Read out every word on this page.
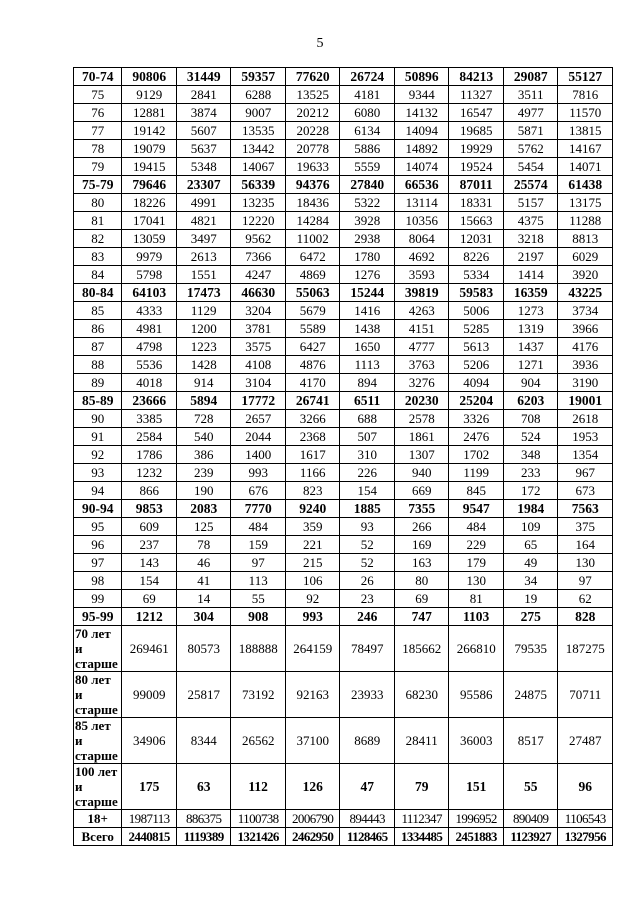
5
70-74	90806	31449	59357	77620	26724	50896	84213	29087	55127
75	9129	2841	6288	13525	4181	9344	11327	3511	7816
76	12881	3874	9007	20212	6080	14132	16547	4977	11570
77	19142	5607	13535	20228	6134	14094	19685	5871	13815
78	19079	5637	13442	20778	5886	14892	19929	5762	14167
79	19415	5348	14067	19633	5559	14074	19524	5454	14071
75-79	79646	23307	56339	94376	27840	66536	87011	25574	61438
80	18226	4991	13235	18436	5322	13114	18331	5157	13175
81	17041	4821	12220	14284	3928	10356	15663	4375	11288
82	13059	3497	9562	11002	2938	8064	12031	3218	8813
83	9979	2613	7366	6472	1780	4692	8226	2197	6029
84	5798	1551	4247	4869	1276	3593	5334	1414	3920
80-84	64103	17473	46630	55063	15244	39819	59583	16359	43225
85	4333	1129	3204	5679	1416	4263	5006	1273	3734
86	4981	1200	3781	5589	1438	4151	5285	1319	3966
87	4798	1223	3575	6427	1650	4777	5613	1437	4176
88	5536	1428	4108	4876	1113	3763	5206	1271	3936
89	4018	914	3104	4170	894	3276	4094	904	3190
85-89	23666	5894	17772	26741	6511	20230	25204	6203	19001
90	3385	728	2657	3266	688	2578	3326	708	2618
91	2584	540	2044	2368	507	1861	2476	524	1953
92	1786	386	1400	1617	310	1307	1702	348	1354
93	1232	239	993	1166	226	940	1199	233	967
94	866	190	676	823	154	669	845	172	673
90-94	9853	2083	7770	9240	1885	7355	9547	1984	7563
95	609	125	484	359	93	266	484	109	375
96	237	78	159	221	52	169	229	65	164
97	143	46	97	215	52	163	179	49	130
98	154	41	113	106	26	80	130	34	97
99	69	14	55	92	23	69	81	19	62
95-99	1212	304	908	993	246	747	1103	275	828
70 лет и старше	269461	80573	188888	264159	78497	185662	266810	79535	187275
80 лет и старше	99009	25817	73192	92163	23933	68230	95586	24875	70711
85 лет и старше	34906	8344	26562	37100	8689	28411	36003	8517	27487
100 лет и старше	175	63	112	126	47	79	151	55	96
18+	1987113	886375	1100738	2006790	894443	1112347	1996952	890409	1106543
Всего	2440815	1119389	1321426	2462950	1128465	1334485	2451883	1123927	1327956
